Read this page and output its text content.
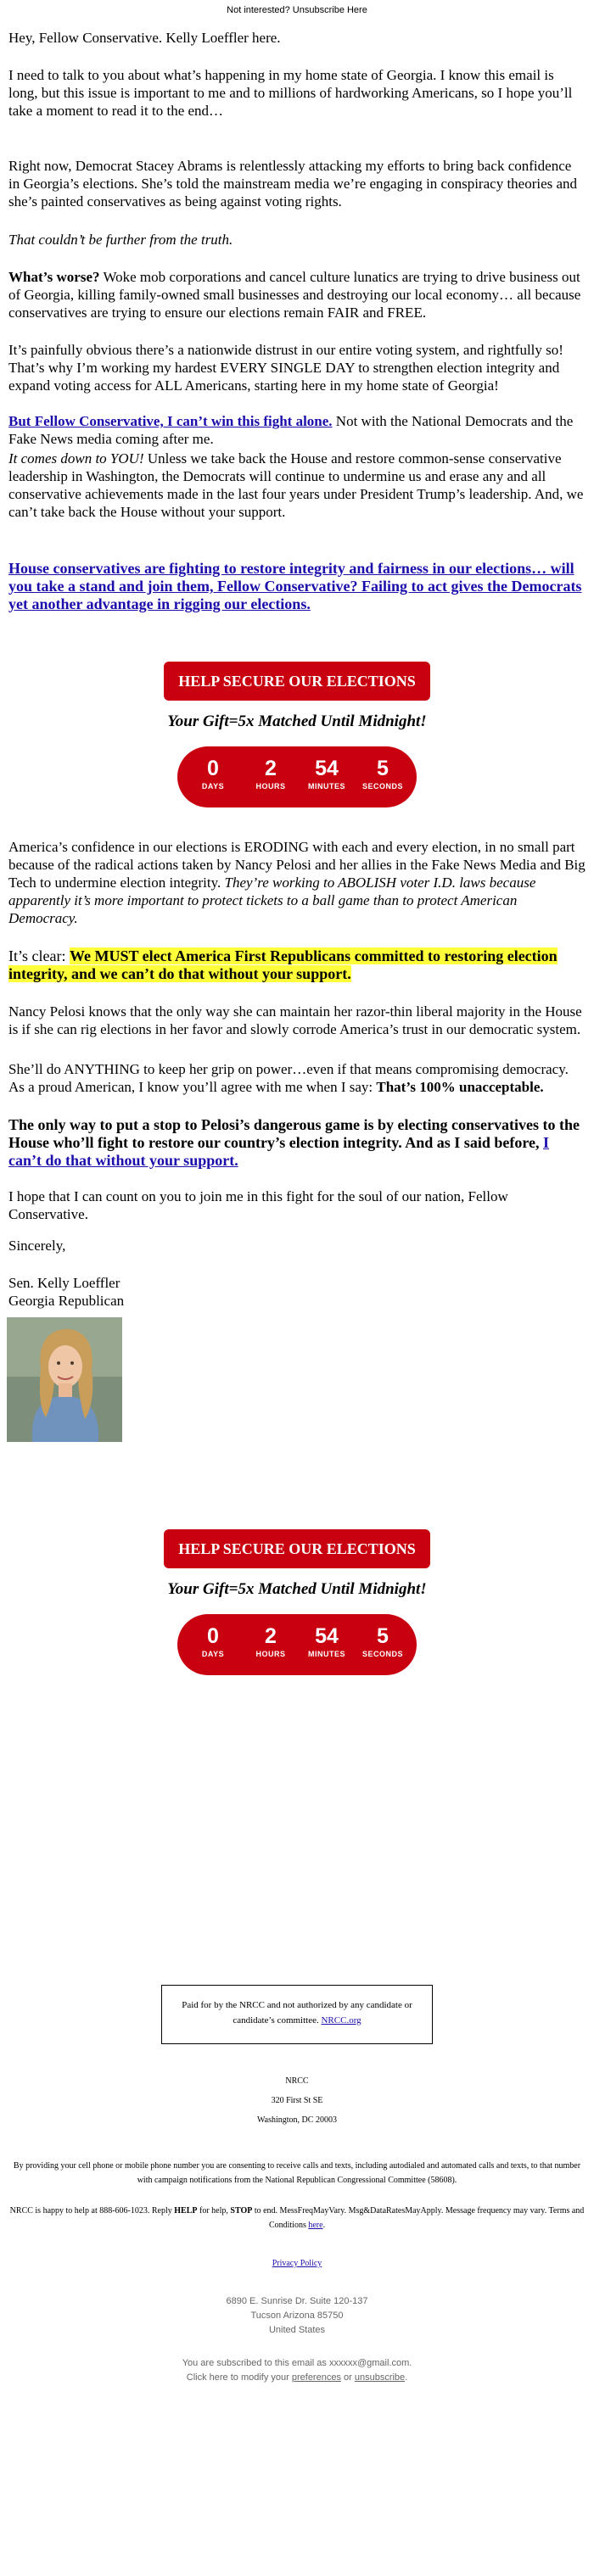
Not interested? Unsubscribe Here

Hey, Fellow Conservative. Kelly Loeffler here.

I need to talk to you about what’s happening in my home state of Georgia. I know this email is long, but this issue is important to me and to millions of hardworking Americans, so I hope you’ll take a moment to read it to the end…

Right now, Democrat Stacey Abrams is relentlessly attacking my efforts to bring back confidence in Georgia’s elections. She’s told the mainstream media we’re engaging in conspiracy theories and she’s painted conservatives as being against voting rights.

That couldn’t be further from the truth.

What’s worse? Woke mob corporations and cancel culture lunatics are trying to drive business out of Georgia, killing family-owned small businesses and destroying our local economy… all because conservatives are trying to ensure our elections remain FAIR and FREE.

It’s painfully obvious there’s a nationwide distrust in our entire voting system, and rightfully so! That’s why I’m working my hardest EVERY SINGLE DAY to strengthen election integrity and expand voting access for ALL Americans, starting here in my home state of Georgia!

But Fellow Conservative, I can’t win this fight alone. Not with the National Democrats and the Fake News media coming after me.

It comes down to YOU! Unless we take back the House and restore common-sense conservative leadership in Washington, the Democrats will continue to undermine us and erase any and all conservative achievements made in the last four years under President Trump’s leadership. And, we can’t take back the House without your support.

House conservatives are fighting to restore integrity and fairness in our elections… will you take a stand and join them, Fellow Conservative? Failing to act gives the Democrats yet another advantage in rigging our elections.

HELP SECURE OUR ELECTIONS
Your Gift=5x Matched Until Midnight!
0
DAYS
2
HOURS
54
MINUTES
5
SECONDS

America’s confidence in our elections is ERODING with each and every election, in no small part because of the radical actions taken by Nancy Pelosi and her allies in the Fake News Media and Big Tech to undermine election integrity. They’re working to ABOLISH voter I.D. laws because apparently it’s more important to protect tickets to a ball game than to protect American Democracy.

It’s clear: We MUST elect America First Republicans committed to restoring election integrity, and we can’t do that without your support.

Nancy Pelosi knows that the only way she can maintain her razor-thin liberal majority in the House is if she can rig elections in her favor and slowly corrode America’s trust in our democratic system.

She’ll do ANYTHING to keep her grip on power…even if that means compromising democracy. As a proud American, I know you’ll agree with me when I say: That’s 100% unacceptable.

The only way to put a stop to Pelosi’s dangerous game is by electing conservatives to the House who’ll fight to restore our country’s election integrity. And as I said before, I can’t do that without your support.

I hope that I can count on you to join me in this fight for the soul of our nation, Fellow Conservative.

Sincerely,

Sen. Kelly Loeffler

Georgia Republican

HELP SECURE OUR ELECTIONS
Your Gift=5x Matched Until Midnight!
0
DAYS
2
HOURS
54
MINUTES
5
SECONDS
Paid for by the NRCC and not authorized by any candidate or candidate’s committee. NRCC.org
NRCC
320 First St SE
Washington, DC 20003
By providing your cell phone or mobile phone number you are consenting to receive calls and texts, including autodialed and automated calls and texts, to that number with campaign notifications from the National Republican Congressional Committee (58608).
NRCC is happy to help at 888-606-1023. Reply HELP for help, STOP to end. MessFreqMayVary. Msg&DataRatesMayApply. Message frequency may vary. Terms and Conditions here.
Privacy Policy
6890 E. Sunrise Dr. Suite 120-137
Tucson Arizona 85750
United States
You are subscribed to this email as xxxxxx@gmail.com.
Click here to modify your preferences or unsubscribe.
